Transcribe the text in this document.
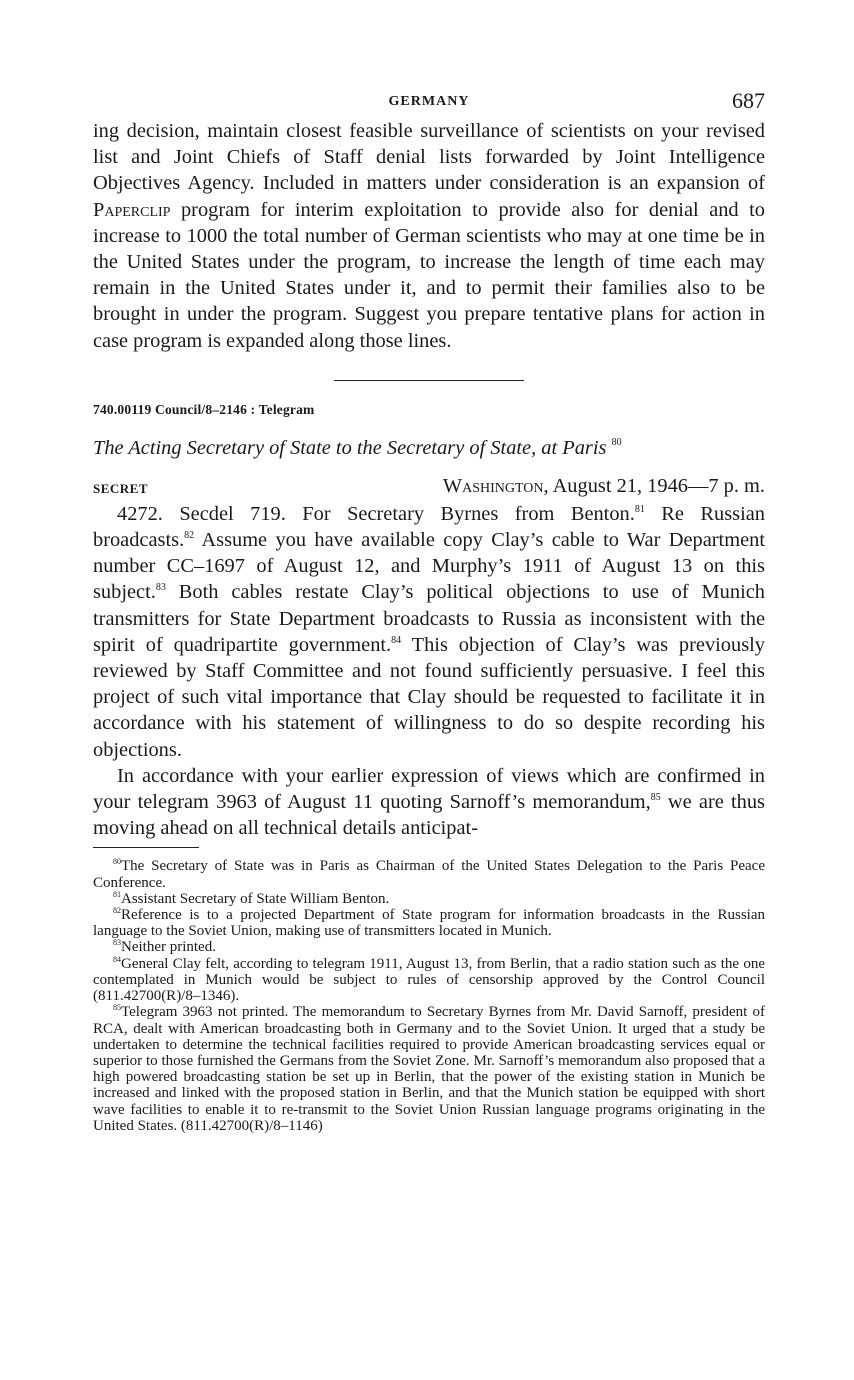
GERMANY	687

ing decision, maintain closest feasible surveillance of scientists on your revised list and Joint Chiefs of Staff denial lists forwarded by Joint Intelligence Objectives Agency. Included in matters under consideration is an expansion of Paperclip program for interim exploitation to provide also for denial and to increase to 1000 the total number of German scientists who may at one time be in the United States under the program, to increase the length of time each may remain in the United States under it, and to permit their families also to be brought in under the program. Suggest you prepare tentative plans for action in case program is expanded along those lines.

740.00119 Council/8–2146 : Telegram
The Acting Secretary of State to the Secretary of State, at Paris $^{80}$
SECRET	Washington, August 21, 1946—7 p. m.

4272. Secdel 719. For Secretary Byrnes from Benton.$^{81}$ Re Russian broadcasts.$^{82}$ Assume you have available copy Clay’s cable to War Department number CC–1697 of August 12, and Murphy’s 1911 of August 13 on this subject.$^{83}$ Both cables restate Clay’s political objections to use of Munich transmitters for State Department broadcasts to Russia as inconsistent with the spirit of quadripartite government.$^{84}$ This objection of Clay’s was previously reviewed by Staff Committee and not found sufficiently persuasive. I feel this project of such vital importance that Clay should be requested to facilitate it in accordance with his statement of willingness to do so despite recording his objections.

In accordance with your earlier expression of views which are confirmed in your telegram 3963 of August 11 quoting Sarnoff’s memorandum,$^{85}$ we are thus moving ahead on all technical details anticipat-

$^{80}$The Secretary of State was in Paris as Chairman of the United States Delegation to the Paris Peace Conference.

$^{81}$Assistant Secretary of State William Benton.

$^{82}$Reference is to a projected Department of State program for information broadcasts in the Russian language to the Soviet Union, making use of transmitters located in Munich.

$^{83}$Neither printed.

$^{84}$General Clay felt, according to telegram 1911, August 13, from Berlin, that a radio station such as the one contemplated in Munich would be subject to rules of censorship approved by the Control Council (811.42700(R)/8–1346).

$^{85}$Telegram 3963 not printed. The memorandum to Secretary Byrnes from Mr. David Sarnoff, president of RCA, dealt with American broadcasting both in Germany and to the Soviet Union. It urged that a study be undertaken to determine the technical facilities required to provide American broadcasting services equal or superior to those furnished the Germans from the Soviet Zone. Mr. Sarnoff’s memorandum also proposed that a high powered broadcasting station be set up in Berlin, that the power of the existing station in Munich be increased and linked with the proposed station in Berlin, and that the Munich station be equipped with short wave facilities to enable it to re-transmit to the Soviet Union Russian language programs originating in the United States. (811.42700(R)/8–1146)
